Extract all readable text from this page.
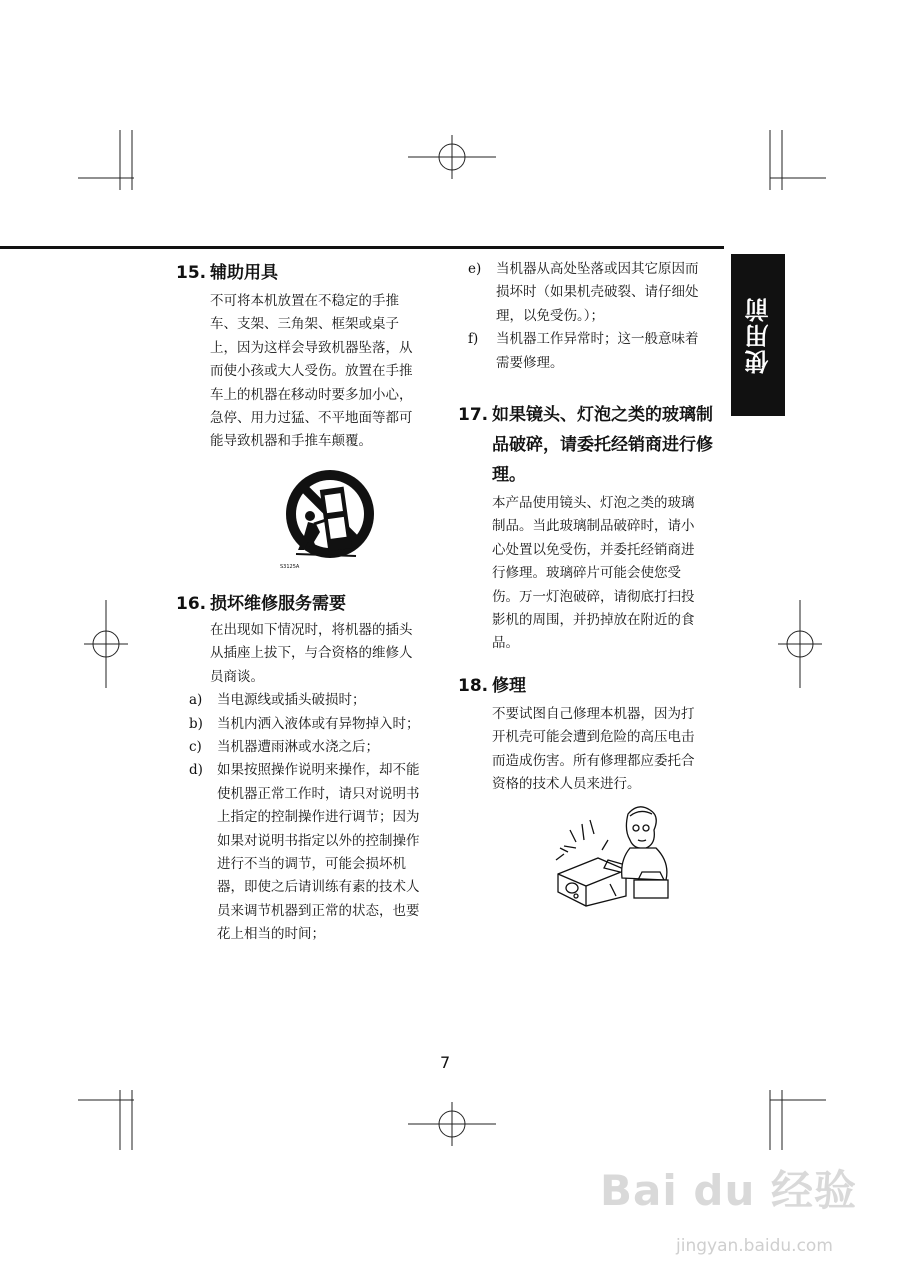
使用前
15. 辅助用具

不可将本机放置在不稳定的手推

车、支架、三角架、框架或桌子

上，因为这样会导致机器坠落，从

而使小孩或大人受伤。放置在手推

车上的机器在移动时要多加小心，

急停、用力过猛、不平地面等都可

能导致机器和手推车颠覆。

S3125A
16. 损坏维修服务需要

在出现如下情况时，将机器的插头

从插座上拔下，与合资格的维修人

员商谈。

a)	当电源线或插头破损时；
b)	当机内洒入液体或有异物掉入时；
c)	当机器遭雨淋或水浇之后；
d)	如果按照操作说明来操作，却不能
使机器正常工作时，请只对说明书
上指定的控制操作进行调节；因为
如果对说明书指定以外的控制操作
进行不当的调节，可能会损坏机
器，即使之后请训练有素的技术人
员来调节机器到正常的状态，也要
花上相当的时间；
e)	当机器从高处坠落或因其它原因而
损坏时（如果机壳破裂、请仔细处
理，以免受伤。）；
f)	当机器工作异常时；这一般意味着
需要修理。
17. 如果镜头、灯泡之类的玻璃制
品破碎，请委托经销商进行修
理。

本产品使用镜头、灯泡之类的玻璃

制品。当此玻璃制品破碎时，请小

心处置以免受伤，并委托经销商进

行修理。玻璃碎片可能会使您受

伤。万一灯泡破碎，请彻底打扫投

影机的周围，并扔掉放在附近的食

品。

18. 修理

不要试图自己修理本机器，因为打

开机壳可能会遭到危险的高压电击

而造成伤害。所有修理都应委托合

资格的技术人员来进行。

7
Bai du 经验
jingyan.baidu.com
